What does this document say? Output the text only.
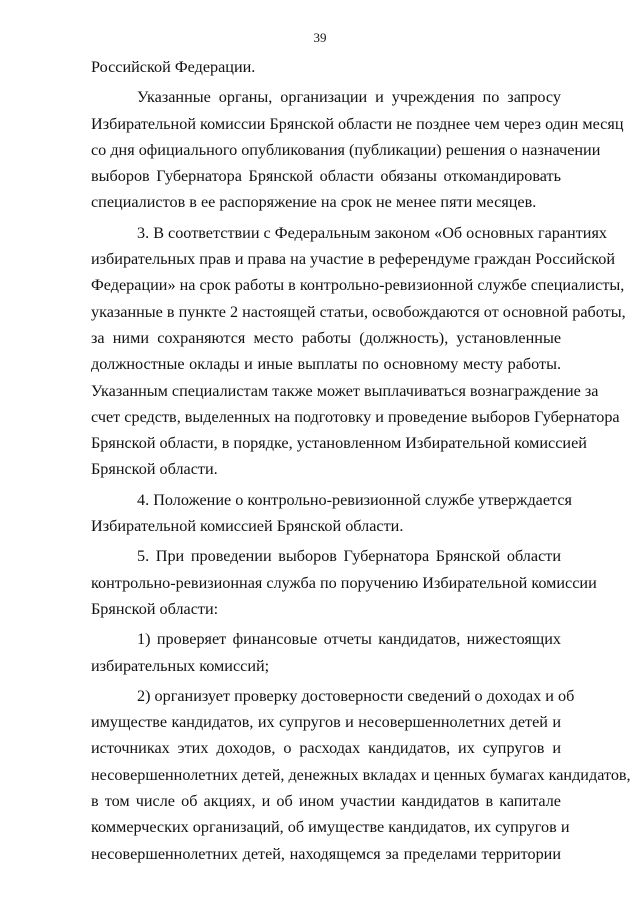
39
Российской Федерации.
Указанные органы, организации и учреждения по запросу
Избирательной комиссии Брянской области не позднее чем через один месяц
со дня официального опубликования (публикации) решения о назначении
выборов Губернатора Брянской области обязаны откомандировать
специалистов в ее распоряжение на срок не менее пяти месяцев.
3. В соответствии с Федеральным законом «Об основных гарантиях
избирательных прав и права на участие в референдуме граждан Российской
Федерации» на срок работы в контрольно-ревизионной службе специалисты,
указанные в пункте 2 настоящей статьи, освобождаются от основной работы,
за ними сохраняются место работы (должность), установленные
должностные оклады и иные выплаты по основному месту работы.
Указанным специалистам также может выплачиваться вознаграждение за
счет средств, выделенных на подготовку и проведение выборов Губернатора
Брянской области, в порядке, установленном Избирательной комиссией
Брянской области.
4. Положение о контрольно-ревизионной службе утверждается
Избирательной комиссией Брянской области.
5. При проведении выборов Губернатора Брянской области
контрольно-ревизионная служба по поручению Избирательной комиссии
Брянской области:
1) проверяет финансовые отчеты кандидатов, нижестоящих
избирательных комиссий;
2) организует проверку достоверности сведений о доходах и об
имуществе кандидатов, их супругов и несовершеннолетних детей и
источниках этих доходов, о расходах кандидатов, их супругов и
несовершеннолетних детей, денежных вкладах и ценных бумагах кандидатов,
в том числе об акциях, и об ином участии кандидатов в капитале
коммерческих организаций, об имуществе кандидатов, их супругов и
несовершеннолетних детей, находящемся за пределами территории
